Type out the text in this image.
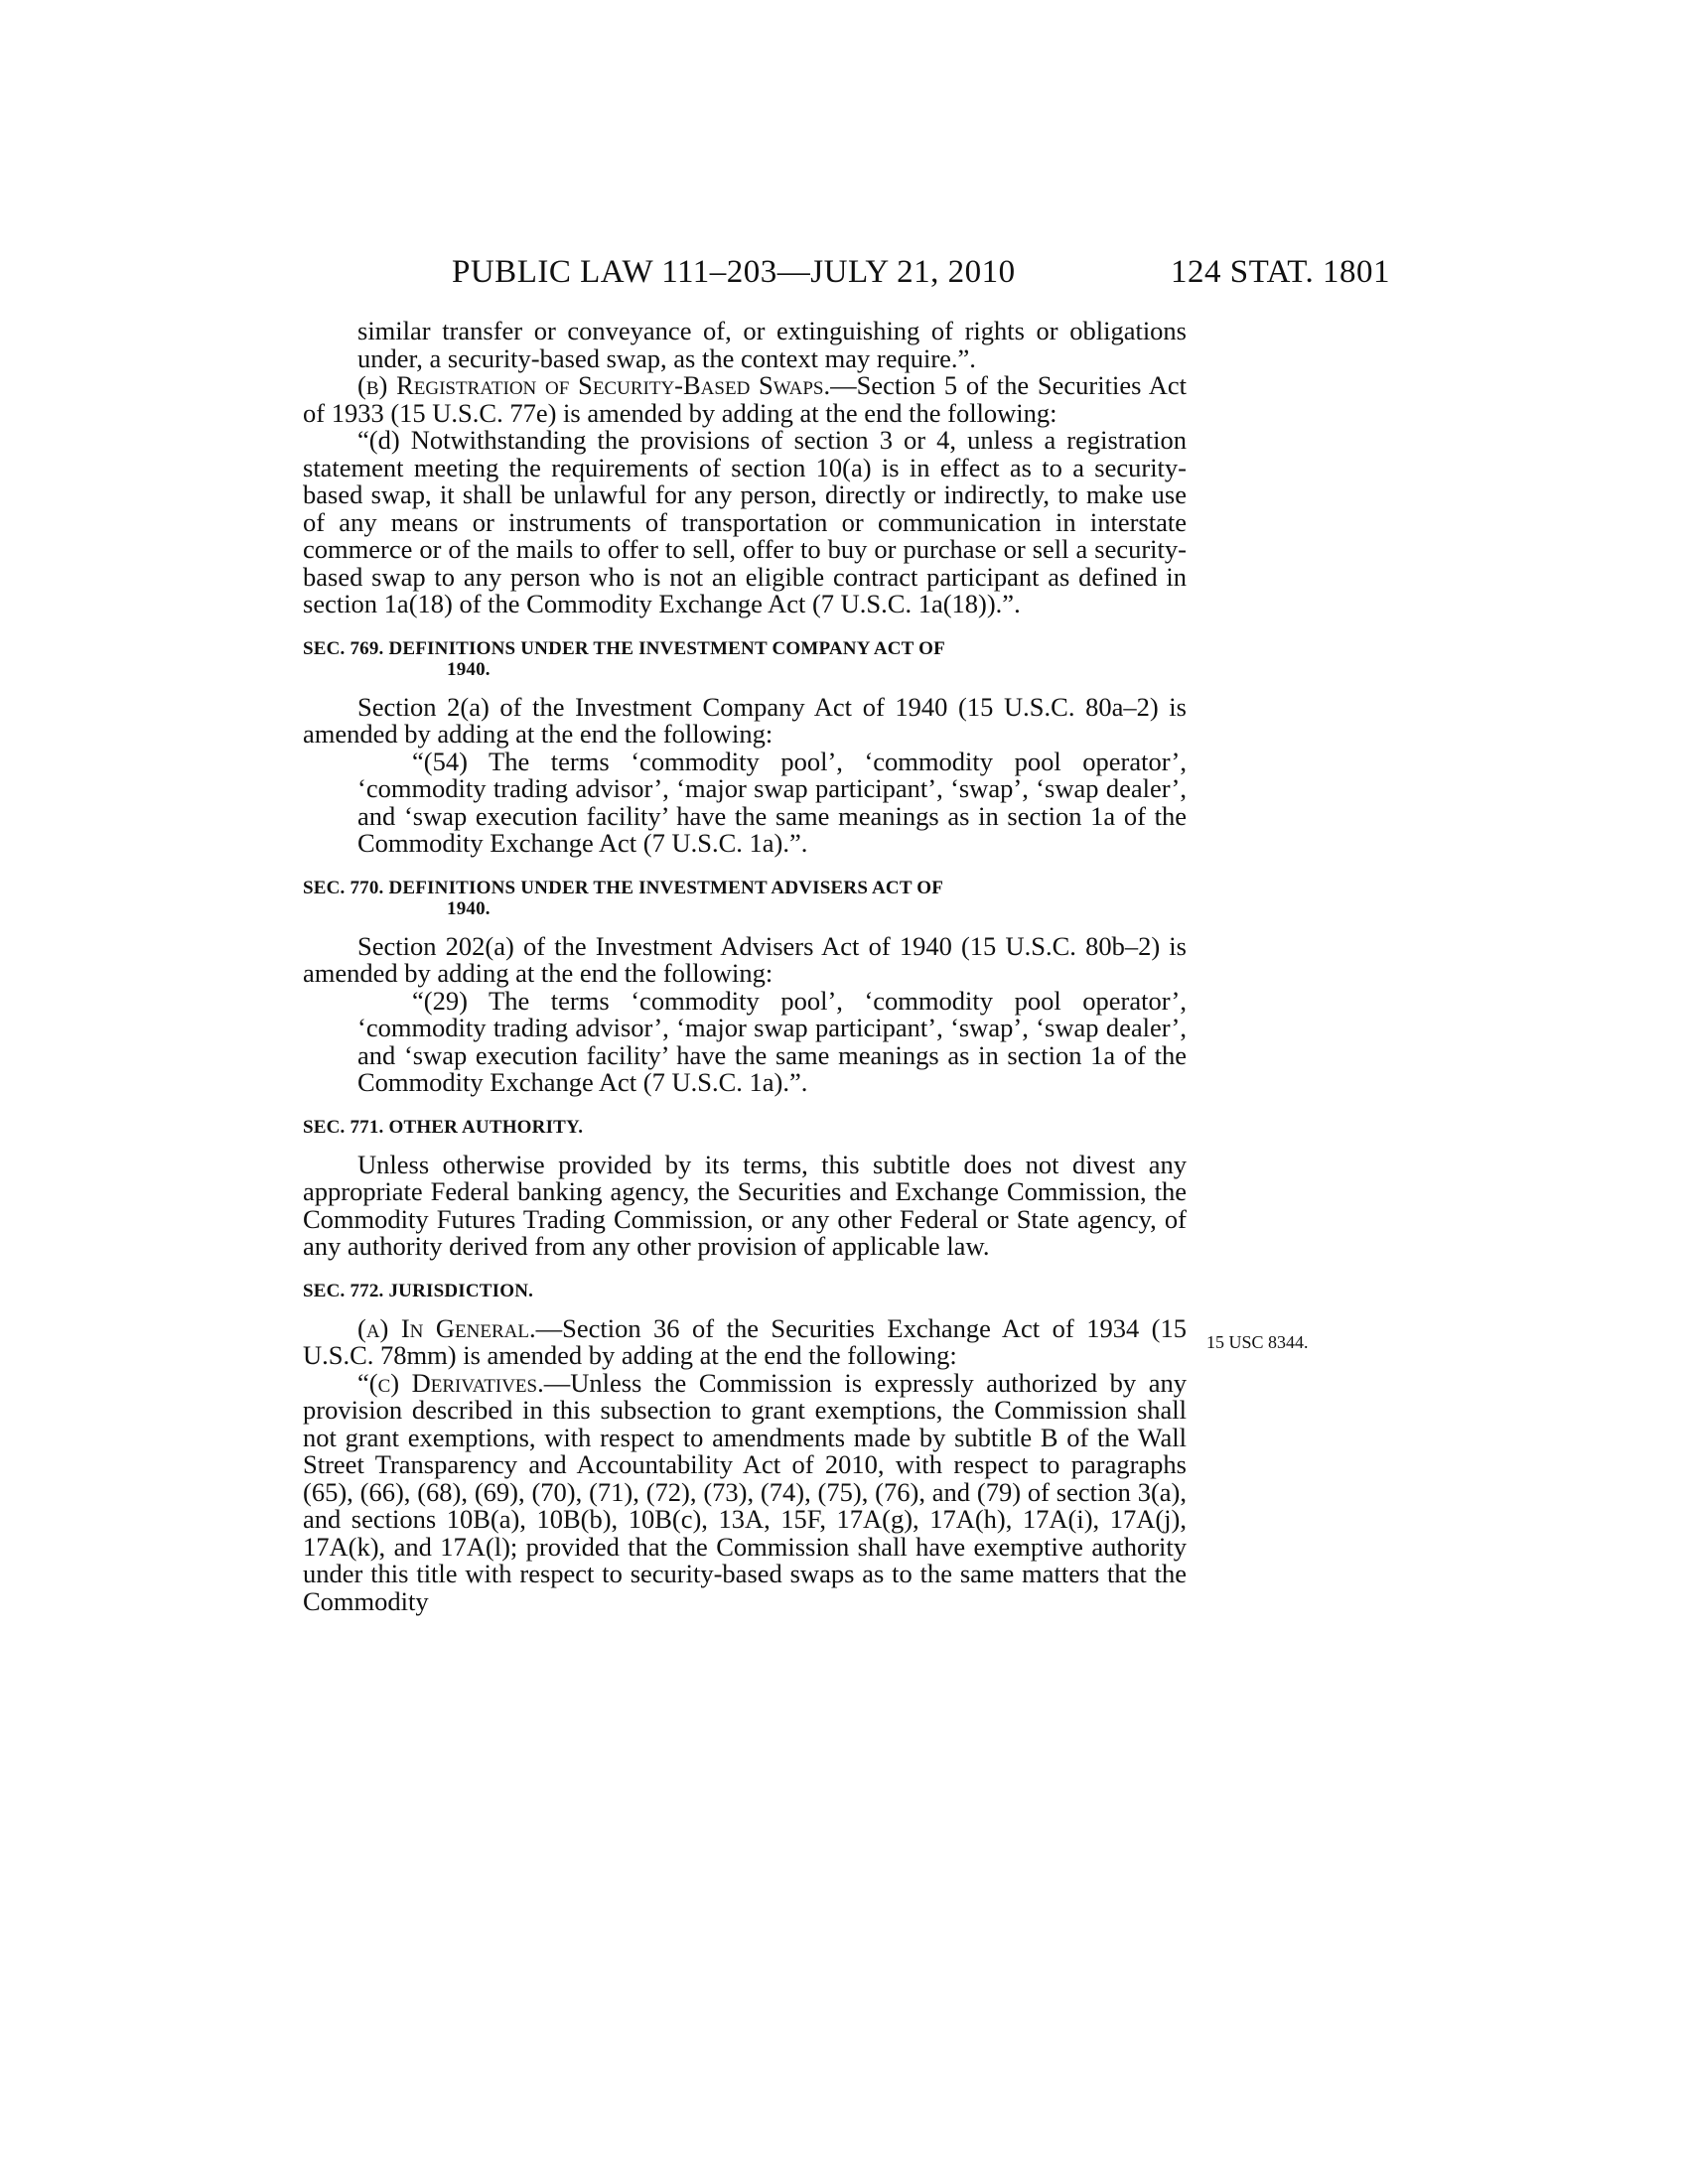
PUBLIC LAW 111–203—JULY 21, 2010	124 STAT. 1801
15 USC 8344.

similar transfer or conveyance of, or extinguishing of rights or obligations under, a security-based swap, as the context may require.”.

(b) Registration of Security-Based Swaps.—Section 5 of the Securities Act of 1933 (15 U.S.C. 77e) is amended by adding at the end the following:

“(d) Notwithstanding the provisions of section 3 or 4, unless a registration statement meeting the requirements of section 10(a) is in effect as to a security-based swap, it shall be unlawful for any person, directly or indirectly, to make use of any means or instruments of transportation or communication in interstate commerce or of the mails to offer to sell, offer to buy or purchase or sell a security-based swap to any person who is not an eligible contract participant as defined in section 1a(18) of the Commodity Exchange Act (7 U.S.C. 1a(18)).”.

SEC. 769. DEFINITIONS UNDER THE INVESTMENT COMPANY ACT OF
1940.

Section 2(a) of the Investment Company Act of 1940 (15 U.S.C. 80a–2) is amended by adding at the end the following:

“(54) The terms ‘commodity pool’, ‘commodity pool operator’, ‘commodity trading advisor’, ‘major swap participant’, ‘swap’, ‘swap dealer’, and ‘swap execution facility’ have the same meanings as in section 1a of the Commodity Exchange Act (7 U.S.C. 1a).”.

SEC. 770. DEFINITIONS UNDER THE INVESTMENT ADVISERS ACT OF
1940.

Section 202(a) of the Investment Advisers Act of 1940 (15 U.S.C. 80b–2) is amended by adding at the end the following:

“(29) The terms ‘commodity pool’, ‘commodity pool operator’, ‘commodity trading advisor’, ‘major swap participant’, ‘swap’, ‘swap dealer’, and ‘swap execution facility’ have the same meanings as in section 1a of the Commodity Exchange Act (7 U.S.C. 1a).”.

SEC. 771. OTHER AUTHORITY.

Unless otherwise provided by its terms, this subtitle does not divest any appropriate Federal banking agency, the Securities and Exchange Commission, the Commodity Futures Trading Commission, or any other Federal or State agency, of any authority derived from any other provision of applicable law.

SEC. 772. JURISDICTION.

(a) In General.—Section 36 of the Securities Exchange Act of 1934 (15 U.S.C. 78mm) is amended by adding at the end the following:

“(c) Derivatives.—Unless the Commission is expressly authorized by any provision described in this subsection to grant exemptions, the Commission shall not grant exemptions, with respect to amendments made by subtitle B of the Wall Street Transparency and Accountability Act of 2010, with respect to paragraphs (65), (66), (68), (69), (70), (71), (72), (73), (74), (75), (76), and (79) of section 3(a), and sections 10B(a), 10B(b), 10B(c), 13A, 15F, 17A(g), 17A(h), 17A(i), 17A(j), 17A(k), and 17A(l); provided that the Commission shall have exemptive authority under this title with respect to security-based swaps as to the same matters that the Commodity
